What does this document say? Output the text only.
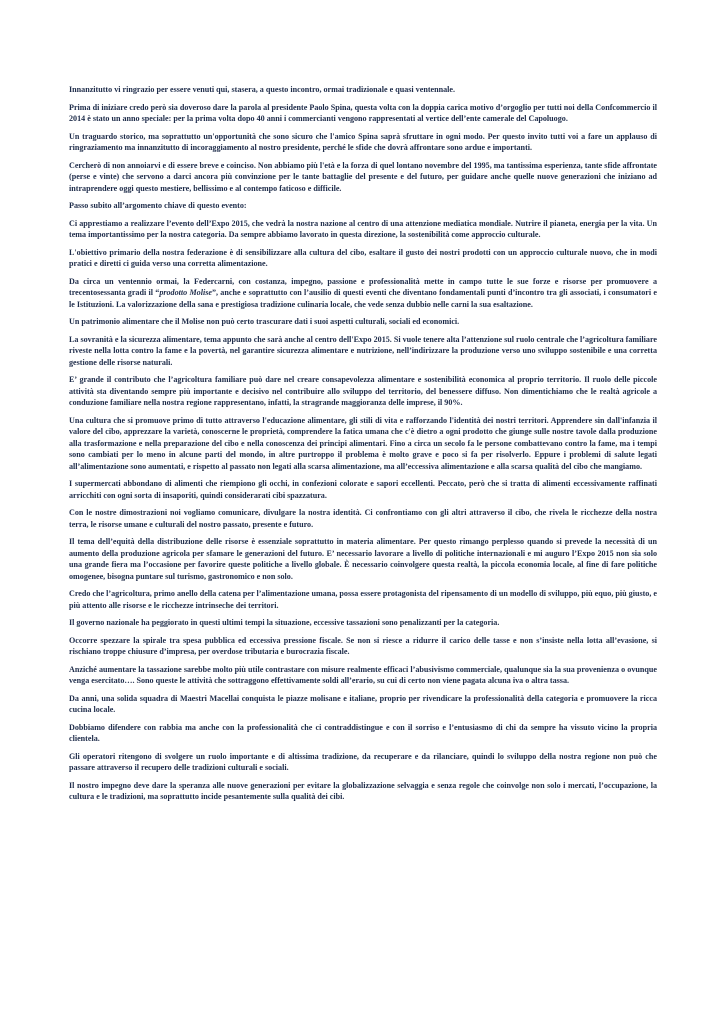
Innanzitutto vi ringrazio per essere venuti qui, stasera, a questo incontro, ormai tradizionale e quasi ventennale.

Prima di iniziare credo però sia doveroso dare la parola al presidente Paolo Spina, questa volta con la doppia carica motivo d’orgoglio per tutti noi della Confcommercio il 2014 è stato un anno speciale: per la prima volta dopo 40 anni i commercianti vengono rappresentati al vertice dell’ente camerale del Capoluogo.

Un traguardo storico, ma soprattutto un'opportunità che sono sicuro che l'amico Spina saprà sfruttare in ogni modo. Per questo invito tutti voi a fare un applauso di ringraziamento ma innanzitutto di incoraggiamento al nostro presidente, perché le sfide che dovrà affrontare sono ardue e importanti.

Cercherò di non annoiarvi e di essere breve e coinciso. Non abbiamo più l'età e la forza di quel lontano novembre del 1995, ma tantissima esperienza, tante sfide affrontate (perse e vinte) che servono a darci ancora più convinzione per le tante battaglie del presente e del futuro, per guidare anche quelle nuove generazioni che iniziano ad intraprendere oggi questo mestiere, bellissimo e al contempo faticoso e difficile.

Passo subito all’argomento chiave di questo evento:

Ci apprestiamo a realizzare l’evento dell’Expo 2015, che vedrà la nostra nazione al centro di una attenzione mediatica mondiale. Nutrire il pianeta, energia per la vita. Un tema importantissimo per la nostra categoria. Da sempre abbiamo lavorato in questa direzione, la sostenibilità come approccio culturale.

L'obiettivo primario della nostra federazione è di sensibilizzare alla cultura del cibo, esaltare il gusto dei nostri prodotti con un approccio culturale nuovo, che in modi pratici e diretti ci guida verso una corretta alimentazione.

Da circa un ventennio ormai, la Federcarni, con costanza, impegno, passione e professionalità mette in campo tutte le sue forze e risorse per promuovere a trecentosessanta gradi il “prodotto Molise”, anche e soprattutto con l’ausilio di questi eventi che diventano fondamentali punti d’incontro tra gli associati, i consumatori e le Istituzioni. La valorizzazione della sana e prestigiosa tradizione culinaria locale, che vede senza dubbio nelle carni la sua esaltazione.

Un patrimonio alimentare che il Molise non può certo trascurare dati i suoi aspetti culturali, sociali ed economici.

La sovranità e la sicurezza alimentare, tema appunto che sarà anche al centro dell'Expo 2015. Si vuole tenere alta l’attenzione sul ruolo centrale che l’agricoltura familiare riveste nella lotta contro la fame e la povertà, nel garantire sicurezza alimentare e nutrizione, nell’indirizzare la produzione verso uno sviluppo sostenibile e una corretta gestione delle risorse naturali.

E’ grande il contributo che l’agricoltura familiare può dare nel creare consapevolezza alimentare e sostenibilità economica al proprio territorio. Il ruolo delle piccole attività sta diventando sempre più importante e decisivo nel contribuire allo sviluppo del territorio, del benessere diffuso. Non dimentichiamo che le realtà agricole a conduzione familiare nella nostra regione rappresentano, infatti, la stragrande maggioranza delle imprese, il 90%.

Una cultura che si promuove primo di tutto attraverso l'educazione alimentare, gli stili di vita e rafforzando l'identità dei nostri territori. Apprendere sin dall'infanzia il valore del cibo, apprezzare la varietà, conoscerne le proprietà, comprendere la fatica umana che c'è dietro a ogni prodotto che giunge sulle nostre tavole dalla produzione alla trasformazione e nella preparazione del cibo e nella conoscenza dei principi alimentari. Fino a circa un secolo fa le persone combattevano contro la fame, ma i tempi sono cambiati per lo meno in alcune parti del mondo, in altre purtroppo il problema è molto grave e poco si fa per risolverlo. Eppure i problemi di salute legati all’alimentazione sono aumentati, e rispetto al passato non legati alla scarsa alimentazione, ma all’eccessiva alimentazione e alla scarsa qualità del cibo che mangiamo.

I supermercati abbondano di alimenti che riempiono gli occhi, in confezioni colorate e sapori eccellenti. Peccato, però che si tratta di alimenti eccessivamente raffinati arricchiti con ogni sorta di insaporiti, quindi considerarati cibi spazzatura.

Con le nostre dimostrazioni noi vogliamo comunicare, divulgare la nostra identità. Ci confrontiamo con gli altri attraverso il cibo, che rivela le ricchezze della nostra terra, le risorse umane e culturali del nostro passato, presente e futuro.

Il tema dell’equità della distribuzione delle risorse è essenziale soprattutto in materia alimentare. Per questo rimango perplesso quando si prevede la necessità di un aumento della produzione agricola per sfamare le generazioni del futuro. E’ necessario lavorare a livello di politiche internazionali e mi auguro l’Expo 2015 non sia solo una grande fiera ma l’occasione per favorire queste politiche a livello globale. È necessario coinvolgere questa realtà, la piccola economia locale, al fine di fare politiche omogenee, bisogna puntare sul turismo, gastronomico e non solo.

Credo che l’agricoltura, primo anello della catena per l’alimentazione umana, possa essere protagonista del ripensamento di un modello di sviluppo, più equo, più giusto, e più attento alle risorse e le ricchezze intrinseche dei territori.

Il governo nazionale ha peggiorato in questi ultimi tempi la situazione, eccessive tassazioni sono penalizzanti per la categoria.

Occorre spezzare la spirale tra spesa pubblica ed eccessiva pressione fiscale. Se non si riesce a ridurre il carico delle tasse e non s’insiste nella lotta all’evasione, si rischiano troppe chiusure d’impresa, per overdose tributaria e burocrazia fiscale.

Anziché aumentare la tassazione sarebbe molto più utile contrastare con misure realmente efficaci l’abusivismo commerciale, qualunque sia la sua provenienza o ovunque venga esercitato…. Sono queste le attività che sottraggono effettivamente soldi all’erario, su cui di certo non viene pagata alcuna iva o altra tassa.

Da anni, una solida squadra di Maestri Macellai conquista le piazze molisane e italiane, proprio per rivendicare la professionalità della categoria e promuovere la ricca cucina locale.

Dobbiamo difendere con rabbia ma anche con la professionalità che ci contraddistingue e con il sorriso e l’entusiasmo di chi da sempre ha vissuto vicino la propria clientela.

Gli operatori ritengono di svolgere un ruolo importante e di altissima tradizione, da recuperare e da rilanciare, quindi lo sviluppo della nostra regione non può che passare attraverso il recupero delle tradizioni culturali e sociali.

Il nostro impegno deve dare la speranza alle nuove generazioni per evitare la globalizzazione selvaggia e senza regole che coinvolge non solo i mercati, l’occupazione, la cultura e le tradizioni, ma soprattutto incide pesantemente sulla qualità dei cibi.
